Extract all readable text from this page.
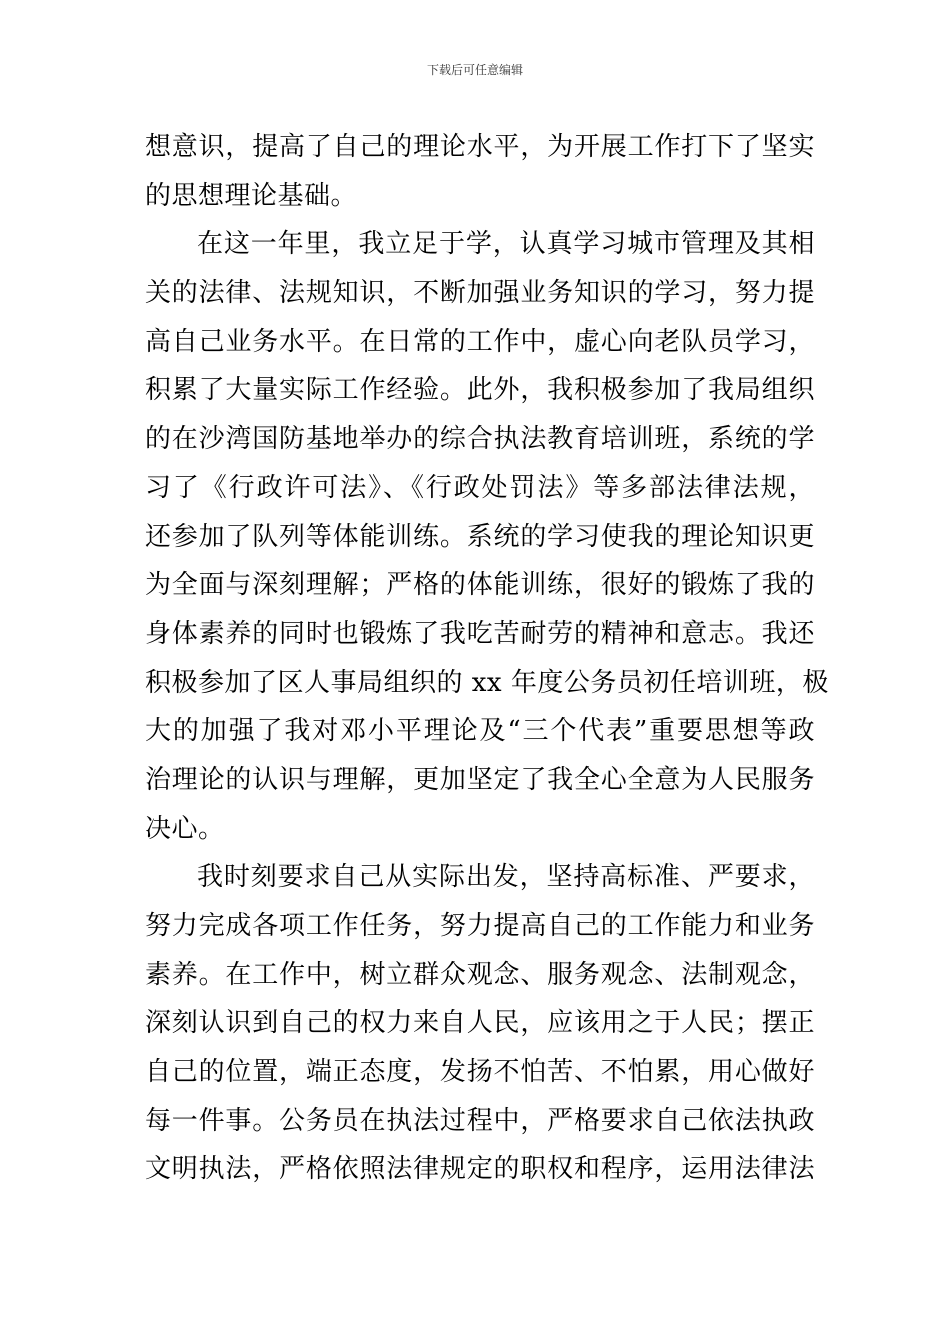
下载后可任意编辑
想意识，提高了自己的理论水平，为开展工作打下了坚实
的思想理论基础。
在这一年里，我立足于学，认真学习城市管理及其相
关的法律、法规知识，不断加强业务知识的学习，努力提
高自己业务水平。在日常的工作中，虚心向老队员学习，
积累了大量实际工作经验。此外，我积极参加了我局组织
的在沙湾国防基地举办的综合执法教育培训班，系统的学
习了《行政许可法》、《行政处罚法》等多部法律法规，
还参加了队列等体能训练。系统的学习使我的理论知识更
为全面与深刻理解；严格的体能训练，很好的锻炼了我的
身体素养的同时也锻炼了我吃苦耐劳的精神和意志。我还
积极参加了区人事局组织的 xx 年度公务员初任培训班，极
大的加强了我对邓小平理论及“三个代表”重要思想等政
治理论的认识与理解，更加坚定了我全心全意为人民服务
决心。
我时刻要求自己从实际出发，坚持高标准、严要求，
努力完成各项工作任务，努力提高自己的工作能力和业务
素养。在工作中，树立群众观念、服务观念、法制观念，
深刻认识到自己的权力来自人民，应该用之于人民；摆正
自己的位置，端正态度，发扬不怕苦、不怕累，用心做好
每一件事。公务员在执法过程中，严格要求自己依法执政
文明执法，严格依照法律规定的职权和程序，运用法律法
